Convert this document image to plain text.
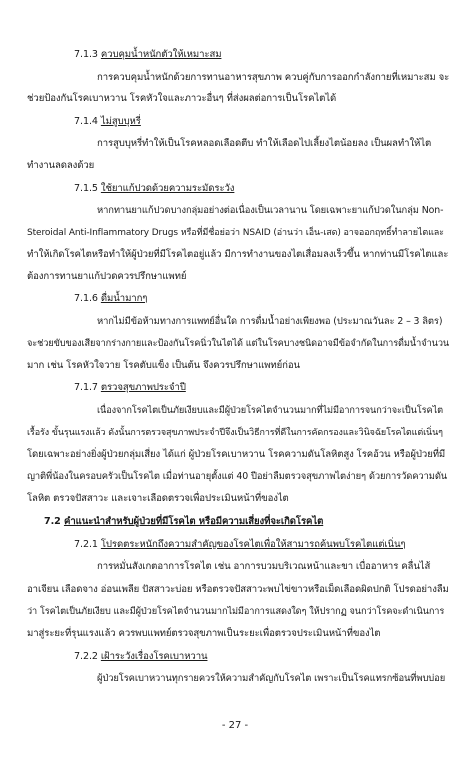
7.1.3 ควบคุมน้ำหนักตัวให้เหมาะสม
การควบคุมน้ำหนักด้วยการทานอาหารสุขภาพ ควบคู่กับการออกกำลังกายที่เหมาะสม จะ
ช่วยป้องกันโรคเบาหวาน โรคหัวใจและภาวะอื่นๆ ที่ส่งผลต่อการเป็นโรคไตได้
7.1.4 ไม่สูบบุหรี่
การสูบบุหรี่ทำให้เป็นโรคหลอดเลือดตีบ ทำให้เลือดไปเลี้ยงไตน้อยลง เป็นผลทำให้ไต
ทำงานลดลงด้วย
7.1.5 ใช้ยาแก้ปวดด้วยความระมัดระวัง
หากทานยาแก้ปวดบางกลุ่มอย่างต่อเนื่องเป็นเวลานาน โดยเฉพาะยาแก้ปวดในกลุ่ม Non-
Steroidal Anti-Inflammatory Drugs หรือที่มีชื่อย่อว่า NSAID (อ่านว่า เอ็น-เสด) อาจออกฤทธิ์ทำลายไตและ
ทำให้เกิดโรคไตหรือทำให้ผู้ป่วยที่มีโรคไตอยู่แล้ว มีการทำงานของไตเสื่อมลงเร็วขึ้น หากท่านมีโรคไตและ
ต้องการทานยาแก้ปวดควรปรึกษาแพทย์
7.1.6 ดื่มน้ำมากๆ
หากไม่มีข้อห้ามทางการแพทย์อื่นใด การดื่มน้ำอย่างเพียงพอ (ประมาณวันละ 2 – 3 ลิตร)
จะช่วยขับของเสียจากร่างกายและป้องกันโรคนิ่วในไตได้ แต่ในโรคบางชนิดอาจมีข้อจำกัดในการดื่มน้ำจำนวน
มาก เช่น โรคหัวใจวาย โรคตับแข็ง เป็นต้น จึงควรปรึกษาแพทย์ก่อน
7.1.7 ตรวจสุขภาพประจำปี
เนื่องจากโรคไตเป็นภัยเงียบและมีผู้ป่วยโรคไตจำนวนมากที่ไม่มีอาการจนกว่าจะเป็นโรคไต
เรื้อรัง ขั้นรุนแรงแล้ว ดังนั้นการตรวจสุขภาพประจำปีจึงเป็นวิธีการที่ดีในการคัดกรองและวินิจฉัยโรคไตแต่เนิ่นๆ
โดยเฉพาะอย่างยิ่งผู้ป่วยกลุ่มเสี่ยง ได้แก่ ผู้ป่วยโรคเบาหวาน โรคความดันโลหิตสูง โรคอ้วน หรือผู้ป่วยที่มี
ญาติพี่น้องในครอบครัวเป็นโรคไต เมื่อท่านอายุตั้งแต่ 40 ปีอย่าลืมตรวจสุขภาพไตง่ายๆ ด้วยการวัดความดัน
โลหิต ตรวจปัสสาวะ และเจาะเลือดตรวจเพื่อประเมินหน้าที่ของไต
7.2 คำแนะนำสำหรับผู้ป่วยที่มีโรคไต หรือมีความเสี่ยงที่จะเกิดโรคไต
7.2.1 โปรดตระหนักถึงความสำคัญของโรคไตเพื่อให้สามารถค้นพบโรคไตแต่เนิ่นๆ
การหมั่นสังเกตอาการโรคไต เช่น อาการบวมบริเวณหน้าและขา เบื่ออาหาร คลื่นไส้
อาเจียน เลือดจาง อ่อนเพลีย ปัสสาวะบ่อย หรือตรวจปัสสาวะพบไข่ขาวหรือเม็ดเลือดผิดปกติ โปรดอย่างลืม
ว่า โรคไตเป็นภัยเงียบ และมีผู้ป่วยโรคไตจำนวนมากไม่มีอาการแสดงใดๆ ให้ปรากฏ จนกว่าโรคจะดำเนินการ
มาสู่ระยะที่รุนแรงแล้ว ควรพบแพทย์ตรวจสุขภาพเป็นระยะเพื่อตรวจประเมินหน้าที่ของไต
7.2.2 เฝ้าระวังเรื่องโรคเบาหวาน
ผู้ป่วยโรคเบาหวานทุกรายควรให้ความสำคัญกับโรคไต เพราะเป็นโรคแทรกซ้อนที่พบบ่อย
- 27 -
